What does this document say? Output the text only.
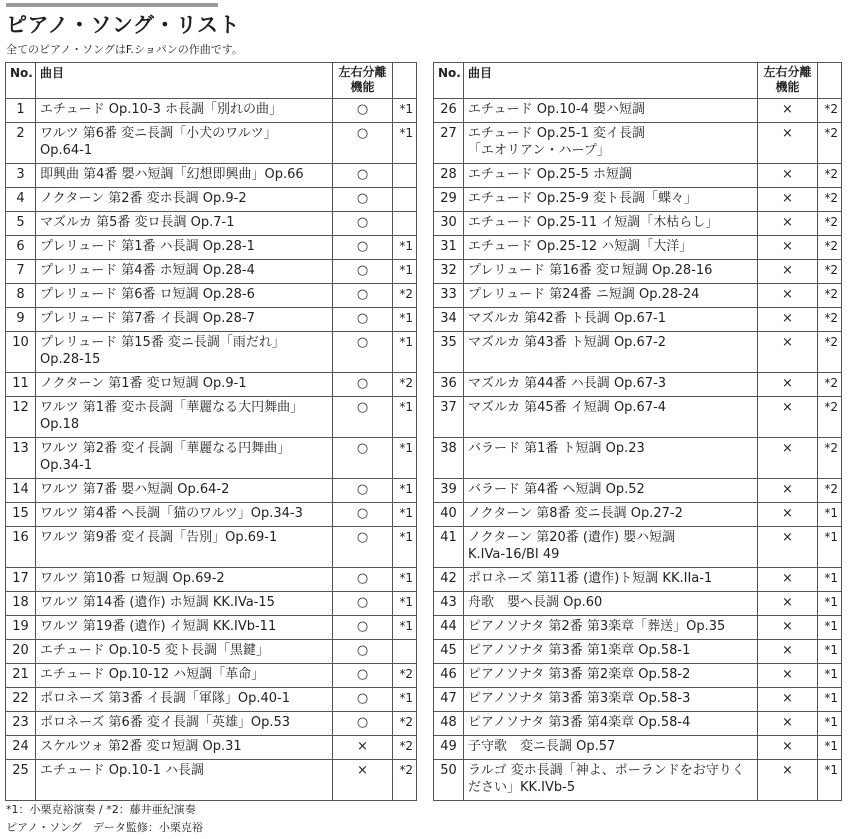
ピアノ・ソング・リスト
全てのピアノ・ソングはF.ショパンの作曲です。
No.	曲目	左右分離
機能	
1	エチュード Op.10-3 ホ長調「別れの曲」	○	*1
2	ワルツ 第6番 変ニ長調「小犬のワルツ」
Op.64-1	○	*1
3	即興曲 第4番 嬰ハ短調「幻想即興曲」Op.66	○	
4	ノクターン 第2番 変ホ長調 Op.9-2	○	
5	マズルカ 第5番 変ロ長調 Op.7-1	○	
6	プレリュード 第1番 ハ長調 Op.28-1	○	*1
7	プレリュード 第4番 ホ短調 Op.28-4	○	*1
8	プレリュード 第6番 ロ短調 Op.28-6	○	*2
9	プレリュード 第7番 イ長調 Op.28-7	○	*1
10	プレリュード 第15番 変ニ長調「雨だれ」
Op.28-15	○	*1
11	ノクターン 第1番 変ロ短調 Op.9-1	○	*2
12	ワルツ 第1番 変ホ長調「華麗なる大円舞曲」
Op.18	○	*1
13	ワルツ 第2番 変イ長調「華麗なる円舞曲」
Op.34-1	○	*1
14	ワルツ 第7番 嬰ハ短調 Op.64-2	○	*1
15	ワルツ 第4番 ヘ長調「猫のワルツ」Op.34-3	○	*1
16	ワルツ 第9番 変イ長調「告別」Op.69-1	○	*1
17	ワルツ 第10番 ロ短調 Op.69-2	○	*1
18	ワルツ 第14番 (遺作) ホ短調 KK.IVa-15	○	*1
19	ワルツ 第19番 (遺作) イ短調 KK.IVb-11	○	*1
20	エチュード Op.10-5 変ト長調「黒鍵」	○	
21	エチュード Op.10-12 ハ短調「革命」	○	*2
22	ポロネーズ 第3番 イ長調「軍隊」Op.40-1	○	*1
23	ポロネーズ 第6番 変イ長調「英雄」Op.53	○	*2
24	スケルツォ 第2番 変ロ短調 Op.31	×	*2
25	エチュード Op.10-1 ハ長調	×	*2
No.	曲目	左右分離
機能	
26	エチュード Op.10-4 嬰ハ短調	×	*2
27	エチュード Op.25-1 変イ長調
「エオリアン・ハープ」	×	*2
28	エチュード Op.25-5 ホ短調	×	*2
29	エチュード Op.25-9 変ト長調「蝶々」	×	*2
30	エチュード Op.25-11 イ短調「木枯らし」	×	*2
31	エチュード Op.25-12 ハ短調「大洋」	×	*2
32	プレリュード 第16番 変ロ短調 Op.28-16	×	*2
33	プレリュード 第24番 ニ短調 Op.28-24	×	*2
34	マズルカ 第42番 ト長調 Op.67-1	×	*2
35	マズルカ 第43番 ト短調 Op.67-2	×	*2
36	マズルカ 第44番 ハ長調 Op.67-3	×	*2
37	マズルカ 第45番 イ短調 Op.67-4	×	*2
38	バラード 第1番 ト短調 Op.23	×	*2
39	バラード 第4番 ヘ短調 Op.52	×	*2
40	ノクターン 第8番 変ニ長調 Op.27-2	×	*1
41	ノクターン 第20番 (遺作) 嬰ハ短調
K.IVa-16/BI 49	×	*1
42	ポロネーズ 第11番 (遺作)ト短調 KK.IIa-1	×	*1
43	舟歌　嬰ヘ長調 Op.60	×	*1
44	ピアノソナタ 第2番 第3楽章「葬送」Op.35	×	*1
45	ピアノソナタ 第3番 第1楽章 Op.58-1	×	*1
46	ピアノソナタ 第3番 第2楽章 Op.58-2	×	*1
47	ピアノソナタ 第3番 第3楽章 Op.58-3	×	*1
48	ピアノソナタ 第3番 第4楽章 Op.58-4	×	*1
49	子守歌　変ニ長調 Op.57	×	*1
50	ラルゴ 変ホ長調「神よ、ポーランドをお守りく
ださい」KK.IVb-5	×	*1
*1：小栗克裕演奏 / *2：藤井亜紀演奏
ピアノ・ソング　データ監修：小栗克裕
